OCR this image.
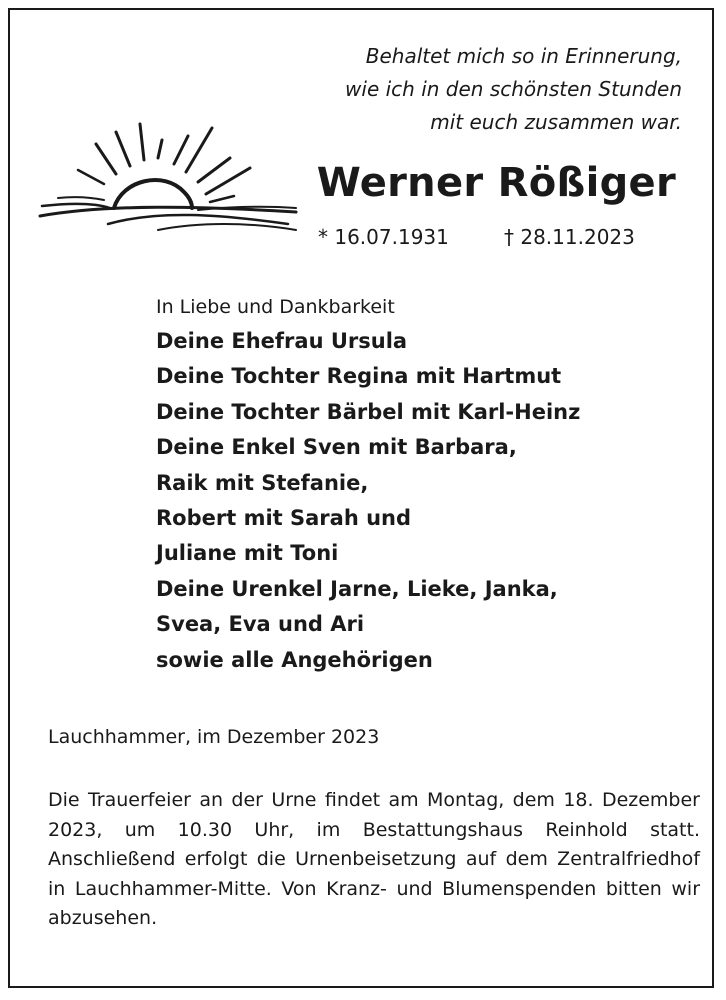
Behaltet mich so in Erinnerung,
wie ich in den schönsten Stunden
mit euch zusammen war.
Werner Rößiger
* 16.07.1931	† 28.11.2023
In Liebe und Dankbarkeit
Deine Ehefrau Ursula
Deine Tochter Regina mit Hartmut
Deine Tochter Bärbel mit Karl-Heinz
Deine Enkel Sven mit Barbara,
Raik mit Stefanie,
Robert mit Sarah und
Juliane mit Toni
Deine Urenkel Jarne, Lieke, Janka,
Svea, Eva und Ari
sowie alle Angehörigen
Lauchhammer, im Dezember 2023
Die Trauerfeier an der Urne findet am Montag, dem 18. Dezember 2023, um 10.30 Uhr, im Bestattungshaus Reinhold statt. Anschließend erfolgt die Urnenbeisetzung auf dem Zentralfriedhof in Lauchhammer-Mitte. Von Kranz- und Blumenspenden bitten wir abzusehen.
